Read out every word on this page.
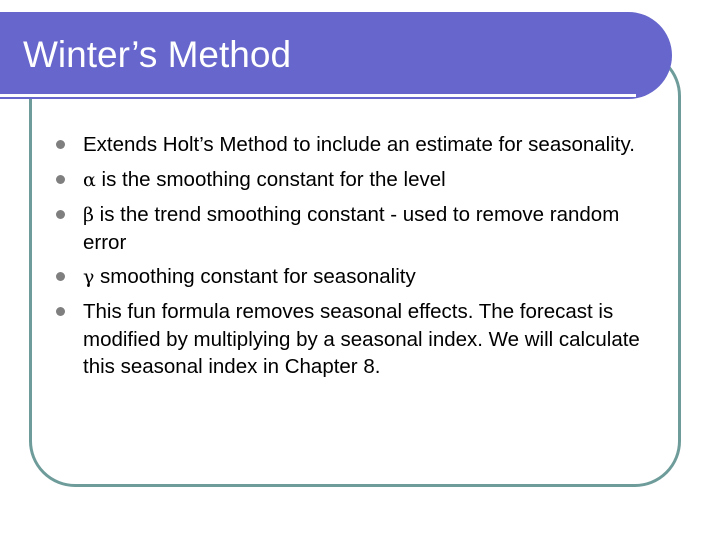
Winter’s Method
Extends Holt’s Method to include an estimate for seasonality.
α is the smoothing constant for the level
β is the trend smoothing constant - used to remove random error
γ smoothing constant for seasonality
This fun formula removes seasonal effects. The forecast is modified by multiplying by a seasonal index. We will calculate this seasonal index in Chapter 8.
